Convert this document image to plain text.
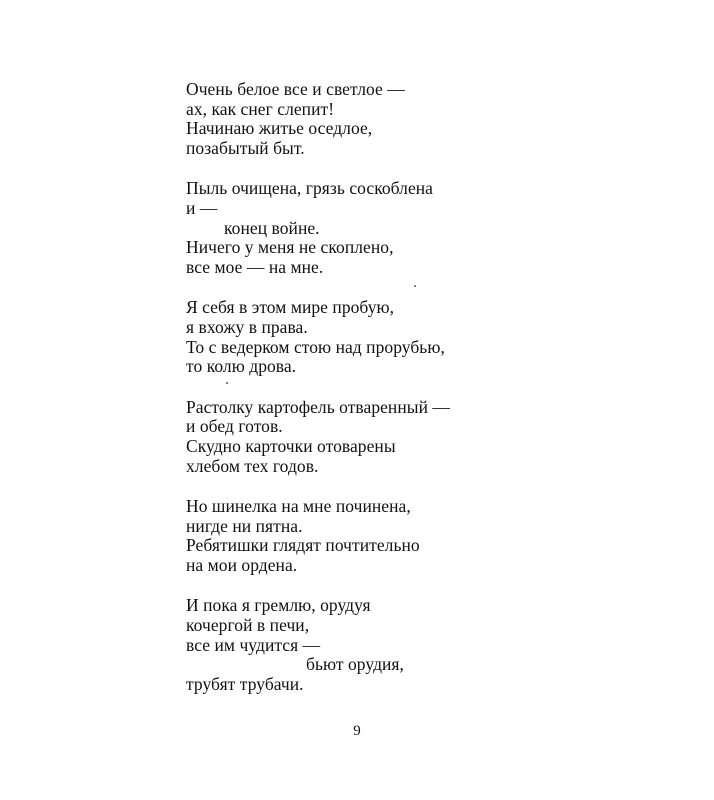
Очень белое все и светлое —
ах, как снег слепит!
Начинаю житье оседлое,
позабытый быт.
Пыль очищена, грязь соскоблена
и —
конец войне.
Ничего у меня не скоплено,
все мое — на мне.
Я себя в этом мире пробую,
я вхожу в права.
То с ведерком стою над прорубью,
то колю дрова.
Растолку картофель отваренный —
и обед готов.
Скудно карточки отоварены
хлебом тех годов.
Но шинелка на мне починена,
нигде ни пятна.
Ребятишки глядят почтительно
на мои ордена.
И пока я гремлю, орудуя
кочергой в печи,
все им чудится —
бьют орудия,
трубят трубачи.
9
